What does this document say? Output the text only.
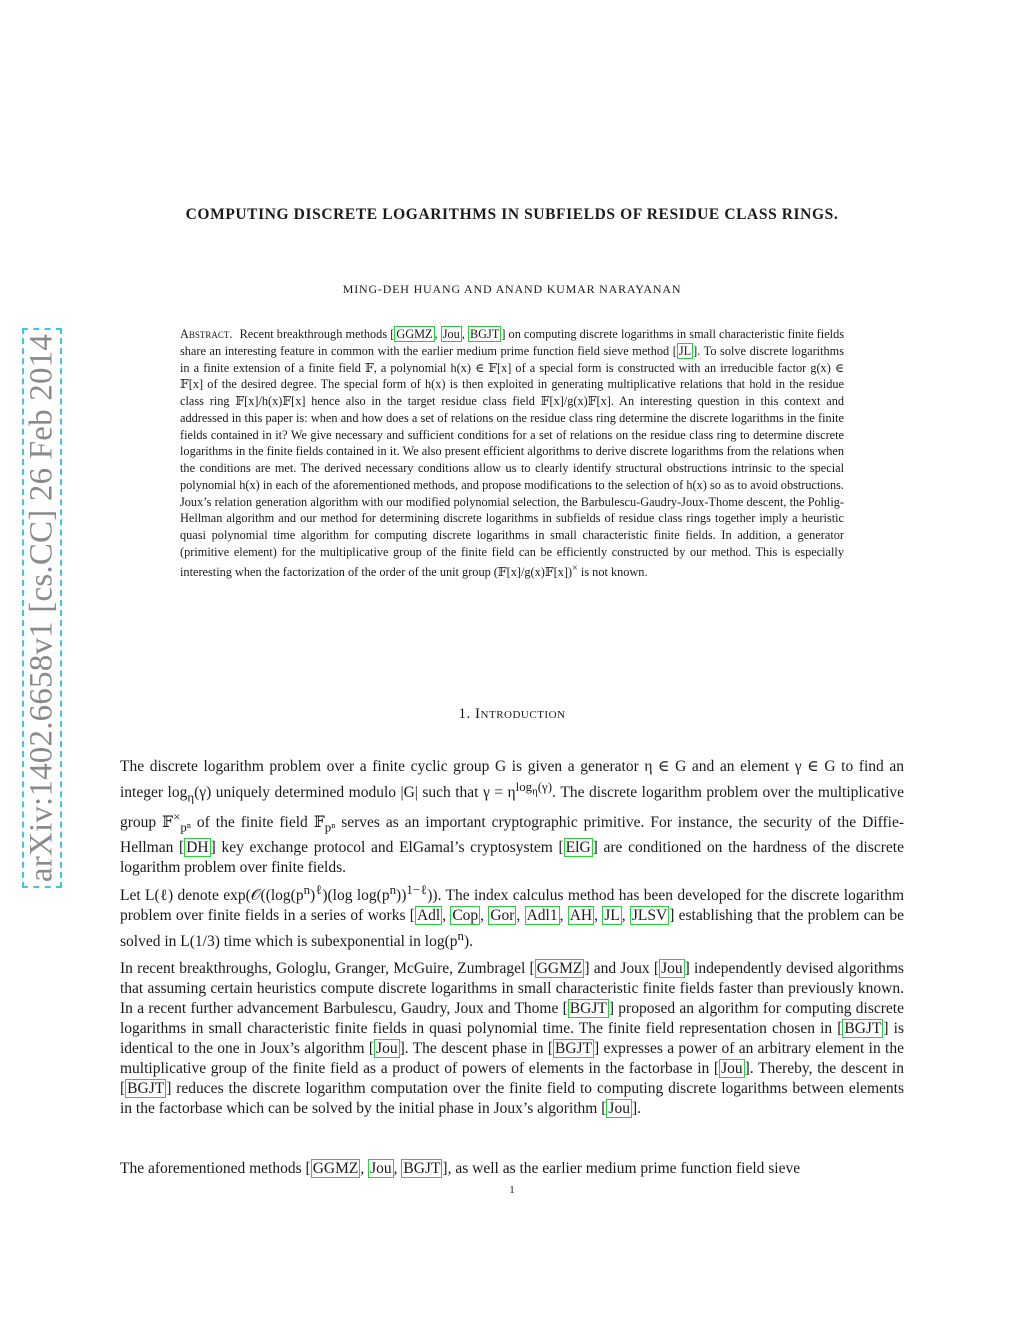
arXiv:1402.6658v1 [cs.CC] 26 Feb 2014
COMPUTING DISCRETE LOGARITHMS IN SUBFIELDS OF RESIDUE CLASS RINGS.
MING-DEH HUANG AND ANAND KUMAR NARAYANAN
Abstract. Recent breakthrough methods [ GGMZ , Jou , BGJT ] on computing discrete logarithms in small characteristic finite fields share an interesting feature in common with the earlier medium prime function field sieve method [ JL ]. To solve discrete logarithms in a finite extension of a finite field 𝔽, a polynomial h(x) ∈ 𝔽[x] of a special form is constructed with an irreducible factor g(x) ∈ 𝔽[x] of the desired degree. The special form of h(x) is then exploited in generating multiplicative relations that hold in the residue class ring 𝔽[x]/h(x)𝔽[x] hence also in the target residue class field 𝔽[x]/g(x)𝔽[x]. An interesting question in this context and addressed in this paper is: when and how does a set of relations on the residue class ring determine the discrete logarithms in the finite fields contained in it? We give necessary and sufficient conditions for a set of relations on the residue class ring to determine discrete logarithms in the finite fields contained in it. We also present efficient algorithms to derive discrete logarithms from the relations when the conditions are met. The derived necessary conditions allow us to clearly identify structural obstructions intrinsic to the special polynomial h(x) in each of the aforementioned methods, and propose modifications to the selection of h(x) so as to avoid obstructions. Joux’s relation generation algorithm with our modified polynomial selection, the Barbulescu-Gaudry-Joux-Thome descent, the Pohlig-Hellman algorithm and our method for determining discrete logarithms in subfields of residue class rings together imply a heuristic quasi polynomial time algorithm for computing discrete logarithms in small characteristic finite fields. In addition, a generator (primitive element) for the multiplicative group of the finite field can be efficiently constructed by our method. This is especially interesting when the factorization of the order of the unit group (𝔽[x]/g(x)𝔽[x])× is not known.
1. Introduction

The discrete logarithm problem over a finite cyclic group G is given a generator η ∈ G and an element γ ∈ G to find an integer $\log_\eta(\gamma)$ uniquely determined modulo |G| such that $\gamma = \eta^{log_\eta(\gamma)}$. The discrete logarithm problem over the multiplicative group 𝔽×$_{p^n}$ of the finite field 𝔽$_{p^n}$ serves as an important cryptographic primitive. For instance, the security of the Diffie-Hellman [ DH ] key exchange protocol and ElGamal’s cryptosystem [ ElG ] are conditioned on the hardness of the discrete logarithm problem over finite fields.

Let L(ℓ) denote $\exp(𝒪((\log(p^n)^\ell)(\log$ $\log(p^n))^{1-\ell}$)). The index calculus method has been developed for the discrete logarithm problem over finite fields in a series of works [ Adl , Cop , Gor , Adl1 , AH , JL , JLSV ] establishing that the problem can be solved in L(1/3) time which is subexponential in $\log(p^n)$.

In recent breakthroughs, Gologlu, Granger, McGuire, Zumbragel [ GGMZ ] and Joux [ Jou ] independently devised algorithms that assuming certain heuristics compute discrete logarithms in small characteristic finite fields faster than previously known. In a recent further advancement Barbulescu, Gaudry, Joux and Thome [ BGJT ] proposed an algorithm for computing discrete logarithms in small characteristic finite fields in quasi polynomial time. The finite field representation chosen in [ BGJT ] is identical to the one in Joux’s algorithm [ Jou ]. The descent phase in [ BGJT ] expresses a power of an arbitrary element in the multiplicative group of the finite field as a product of powers of elements in the factorbase in [ Jou ]. Thereby, the descent in [ BGJT ] reduces the discrete logarithm computation over the finite field to computing discrete logarithms between elements in the factorbase which can be solved by the initial phase in Joux’s algorithm [ Jou ].

The aforementioned methods [ GGMZ , Jou , BGJT ], as well as the earlier medium prime function field sieve

1
